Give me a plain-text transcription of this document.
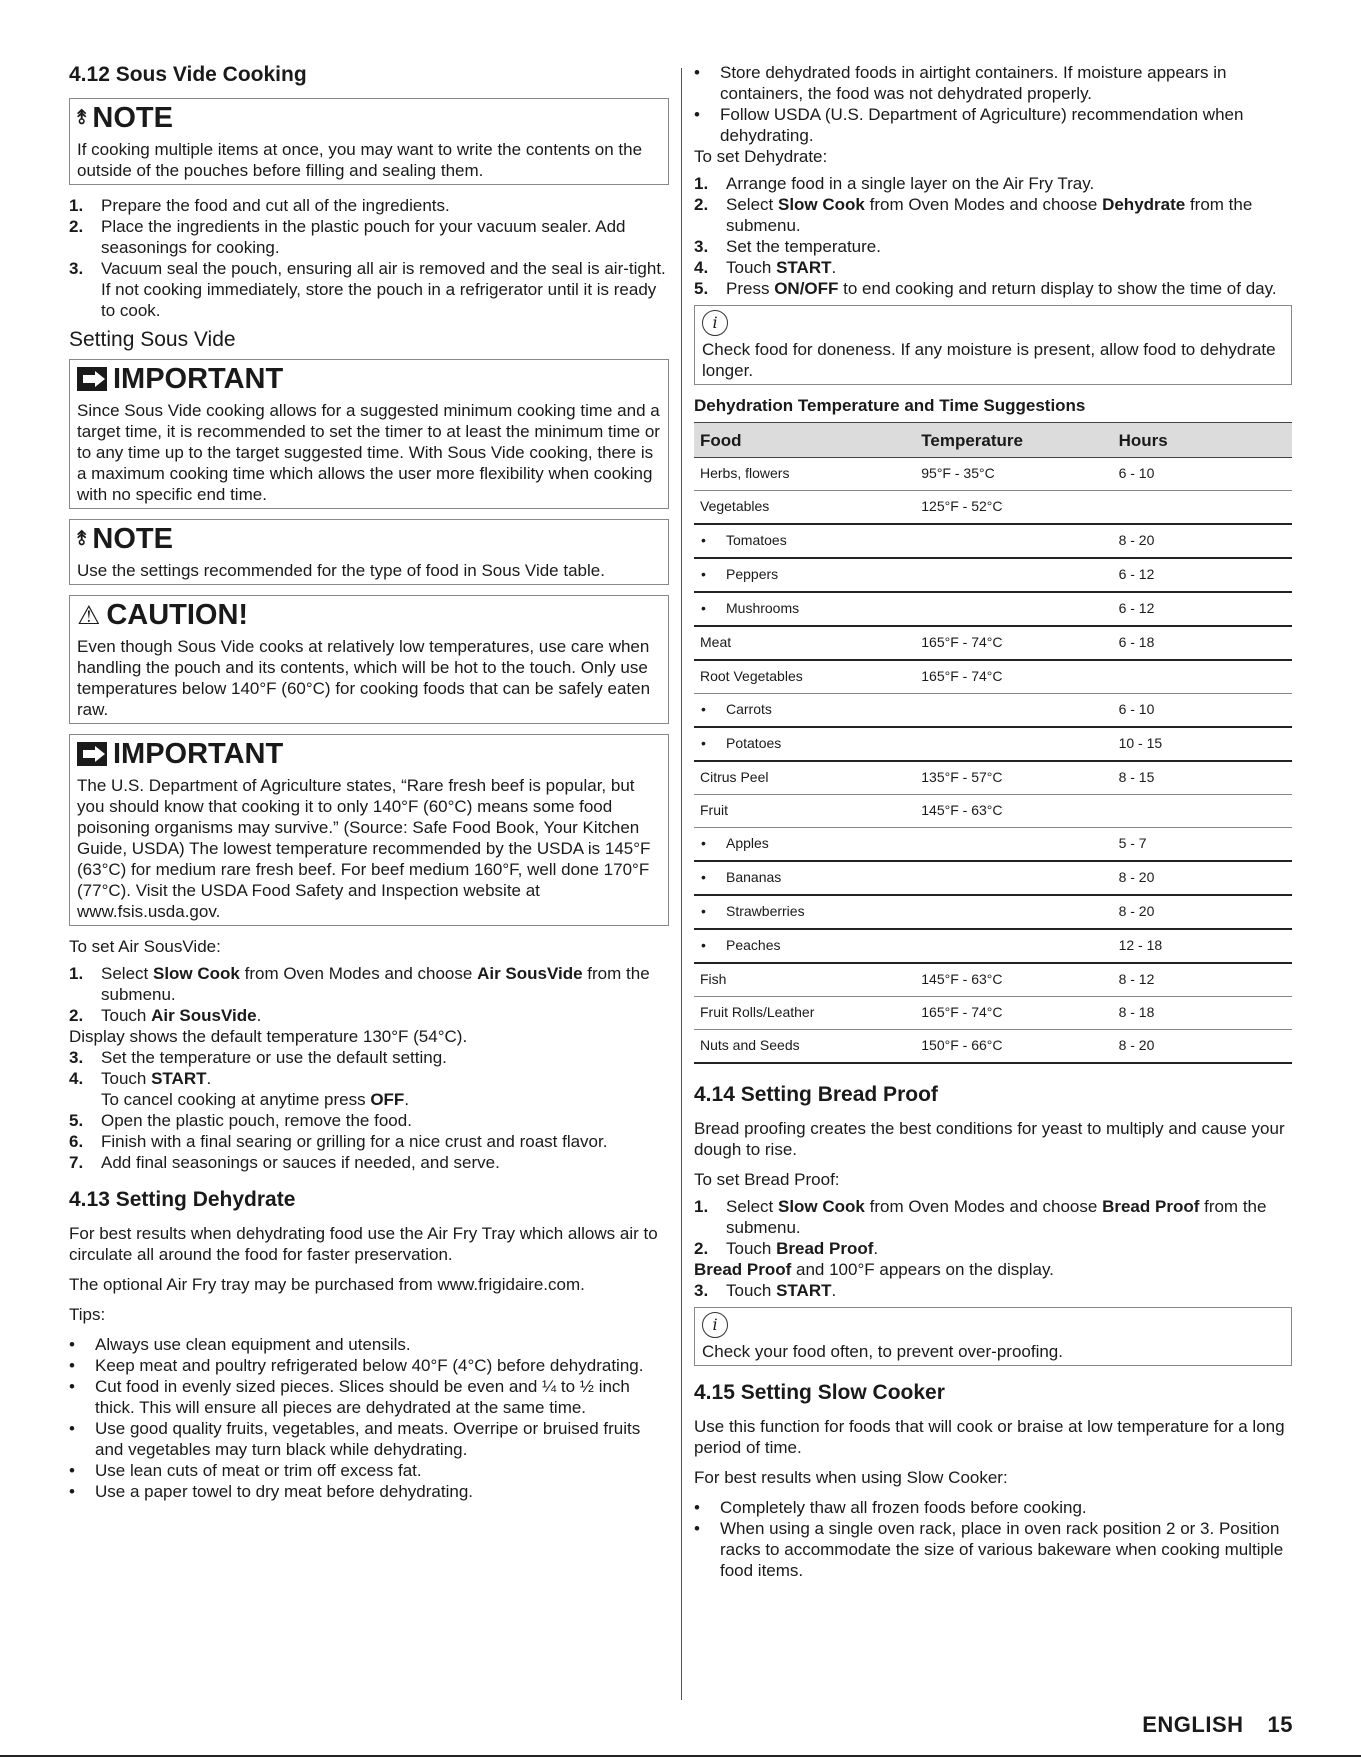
4.12 Sous Vide Cooking
⥉ NOTE

If cooking multiple items at once, you may want to write the contents on the outside of the pouches before filling and sealing them.

1. Prepare the food and cut all of the ingredients.
2. Place the ingredients in the plastic pouch for your vacuum sealer. Add seasonings for cooking.
3. Vacuum seal the pouch, ensuring all air is removed and the seal is air-tight. If not cooking immediately, store the pouch in a refrigerator until it is ready to cook.
Setting Sous Vide
IMPORTANT

Since Sous Vide cooking allows for a suggested minimum cooking time and a target time, it is recommended to set the timer to at least the minimum time or to any time up to the target suggested time. With Sous Vide cooking, there is a maximum cooking time which allows the user more flexibility when cooking with no specific end time.

⥉ NOTE

Use the settings recommended for the type of food in Sous Vide table.

⚠ CAUTION!

Even though Sous Vide cooks at relatively low temperatures, use care when handling the pouch and its contents, which will be hot to the touch. Only use temperatures below 140°F (60°C) for cooking foods that can be safely eaten raw.

IMPORTANT

The U.S. Department of Agriculture states, “Rare fresh beef is popular, but you should know that cooking it to only 140°F (60°C) means some food poisoning organisms may survive.” (Source: Safe Food Book, Your Kitchen Guide, USDA) The lowest temperature recommended by the USDA is 145°F (63°C) for medium rare fresh beef. For beef medium 160°F, well done 170°F (77°C). Visit the USDA Food Safety and Inspection website at www.fsis.usda.gov.

To set Air SousVide:

1. Select Slow Cook from Oven Modes and choose Air SousVide from the submenu.
2. Touch Air SousVide.

Display shows the default temperature 130°F (54°C).

3. Set the temperature or use the default setting.
4. Touch START.

To cancel cooking at anytime press OFF.

5. Open the plastic pouch, remove the food.
6. Finish with a final searing or grilling for a nice crust and roast flavor.
7. Add final seasonings or sauces if needed, and serve.
4.13 Setting Dehydrate

For best results when dehydrating food use the Air Fry Tray which allows air to circulate all around the food for faster preservation.

The optional Air Fry tray may be purchased from www.frigidaire.com.

Tips:

• Always use clean equipment and utensils.
• Keep meat and poultry refrigerated below 40°F (4°C) before dehydrating.
• Cut food in evenly sized pieces. Slices should be even and ¼ to ½ inch thick. This will ensure all pieces are dehydrated at the same time.
• Use good quality fruits, vegetables, and meats. Overripe or bruised fruits and vegetables may turn black while dehydrating.
• Use lean cuts of meat or trim off excess fat.
• Use a paper towel to dry meat before dehydrating.
• Store dehydrated foods in airtight containers. If moisture appears in containers, the food was not dehydrated properly.
• Follow USDA (U.S. Department of Agriculture) recommendation when dehydrating.

To set Dehydrate:

1. Arrange food in a single layer on the Air Fry Tray.
2. Select Slow Cook from Oven Modes and choose Dehydrate from the submenu.
3. Set the temperature.
4. Touch START.
5. Press ON/OFF to end cooking and return display to show the time of day.
i

Check food for doneness. If any moisture is present, allow food to dehydrate longer.

Dehydration Temperature and Time Suggestions
Food	Temperature	Hours
Herbs, flowers	95°F - 35°C	6 - 10
Vegetables	125°F - 52°C	
• Tomatoes		8 - 20
• Peppers		6 - 12
• Mushrooms		6 - 12
Meat	165°F - 74°C	6 - 18
Root Vegetables	165°F - 74°C	
• Carrots		6 - 10
• Potatoes		10 - 15
Citrus Peel	135°F - 57°C	8 - 15
Fruit	145°F - 63°C	
• Apples		5 - 7
• Bananas		8 - 20
• Strawberries		8 - 20
• Peaches		12 - 18
Fish	145°F - 63°C	8 - 12
Fruit Rolls/Leather	165°F - 74°C	8 - 18
Nuts and Seeds	150°F - 66°C	8 - 20
4.14 Setting Bread Proof

Bread proofing creates the best conditions for yeast to multiply and cause your dough to rise.

To set Bread Proof:

1. Select Slow Cook from Oven Modes and choose Bread Proof from the submenu.
2. Touch Bread Proof.

Bread Proof and 100°F appears on the display.

3. Touch START.
i

Check your food often, to prevent over-proofing.

4.15 Setting Slow Cooker

Use this function for foods that will cook or braise at low temperature for a long period of time.

For best results when using Slow Cooker:

• Completely thaw all frozen foods before cooking.
• When using a single oven rack, place in oven rack position 2 or 3. Position racks to accommodate the size of various bakeware when cooking multiple food items.
ENGLISH 15
